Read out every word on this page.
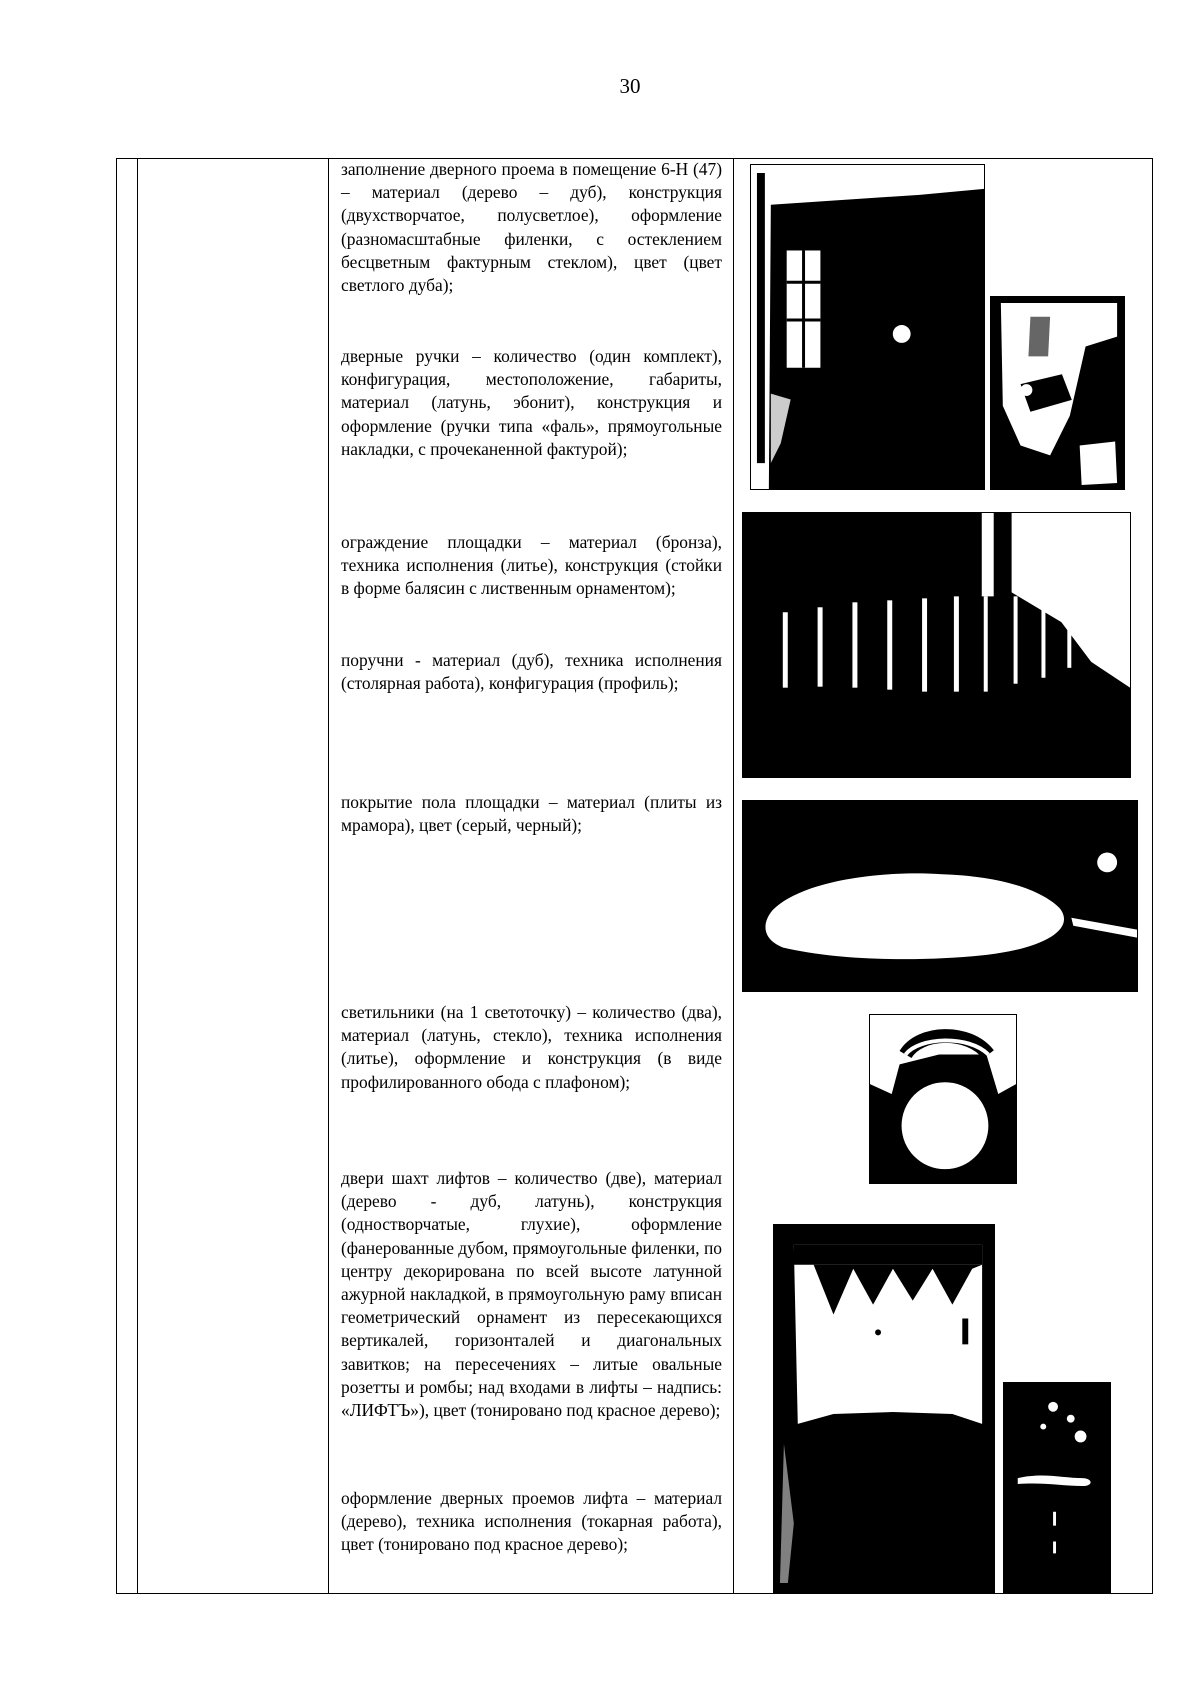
30

заполнение дверного проема в помещение 6-Н (47) – материал (дерево – дуб), конструкция (двухстворчатое, полусветлое), оформление (разномасштабные филенки, с остеклением бесцветным фактурным стеклом), цвет (цвет светлого дуба);

дверные ручки – количество (один комплект), конфигурация, местоположение, габариты, материал (латунь, эбонит), конструкция и оформление (ручки типа «фаль», прямоугольные накладки, с прочеканенной фактурой);

ограждение площадки – материал (бронза), техника исполнения (литье), конструкция (стойки в форме балясин с лиственным орнаментом);

поручни - материал (дуб), техника исполнения (столярная работа), конфигурация (профиль);

покрытие пола площадки – материал (плиты из мрамора), цвет (серый, черный);

светильники (на 1 светоточку) – количество (два), материал (латунь, стекло), техника исполнения (литье), оформление и конструкция (в виде профилированного обода с плафоном);

двери шахт лифтов – количество (две), материал (дерево - дуб, латунь), конструкция (одностворчатые, глухие), оформление (фанерованные дубом, прямоугольные филенки, по центру декорирована по всей высоте латунной ажурной накладкой, в прямоугольную раму вписан геометрический орнамент из пересекающихся вертикалей, горизонталей и диагональных завитков; на пересечениях – литые овальные розетты и ромбы; над входами в лифты – надпись: «ЛИФТЪ»), цвет (тонировано под красное дерево);

оформление дверных проемов лифта – материал (дерево), техника исполнения (токарная работа), цвет (тонировано под красное дерево);
